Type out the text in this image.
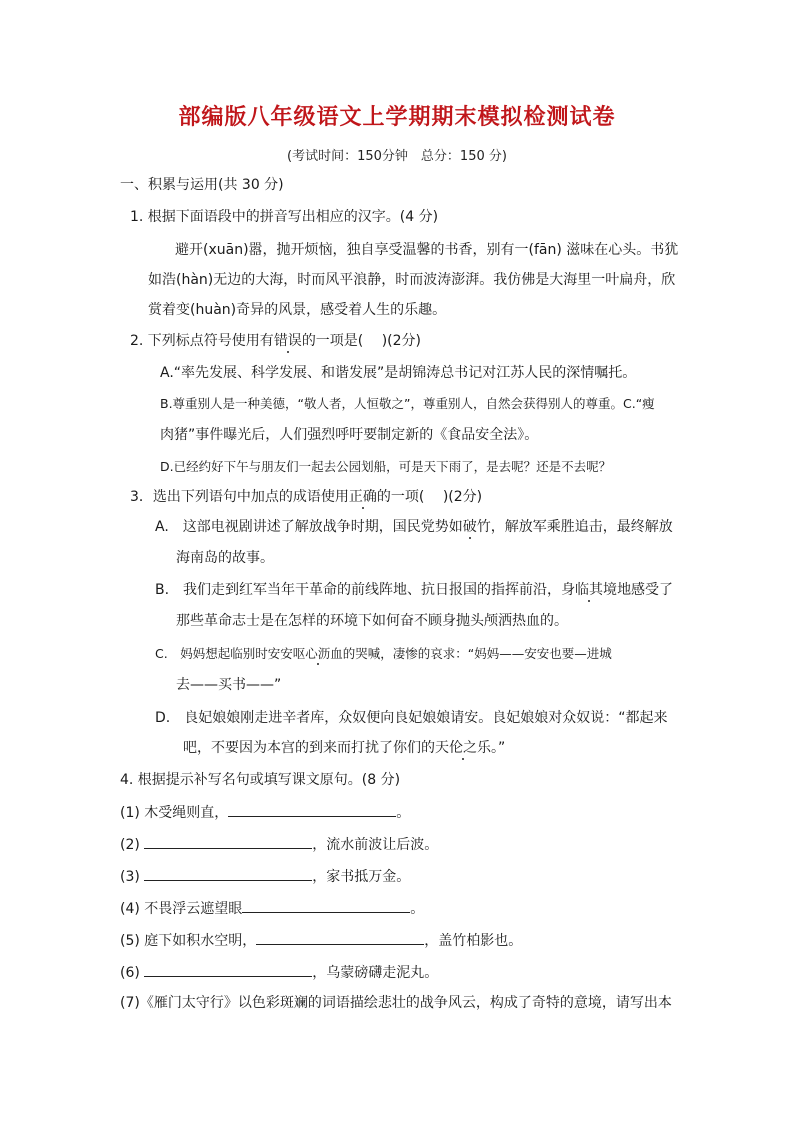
部编版八年级语文上学期期末模拟检测试卷
(考试时间：150分钟　总分：150 分)
一、积累与运用(共 30 分)
1. 根据下面语段中的拼音写出相应的汉字。(4 分)
避开(xuān)嚣，抛开烦恼，独自享受温馨的书香，别有一(fān) 滋味在心头。书犹
如浩(hàn)无边的大海，时而风平浪静，时而波涛澎湃。我仿佛是大海里一叶扁舟，欣
赏着变(huàn)奇异的风景，感受着人生的乐趣。
2. 下列标点符号使用有错误的一项是(　 )(2分)
A.“率先发展、科学发展、和谐发展”是胡锦涛总书记对江苏人民的深情嘱托。
B.尊重别人是一种美德，“敬人者，人恒敬之”，尊重别人，自然会获得别人的尊重。C.“瘦
肉猪”事件曝光后，人们强烈呼吁要制定新的《食品安全法》。
D.已经约好下午与朋友们一起去公园划船，可是天下雨了，是去呢？还是不去呢？
3．选出下列语句中加点的成语使用正确的一项(　 )(2分)
A.　这部电视剧讲述了解放战争时期，国民党势如破竹，解放军乘胜追击，最终解放
海南岛的故事。
B.　我们走到红军当年干革命的前线阵地、抗日报国的指挥前沿，身临其境地感受了
那些革命志士是在怎样的环境下如何奋不顾身抛头颅洒热血的。
C.　妈妈想起临别时安安呕心沥血的哭喊，凄惨的哀求：“妈妈——安安也要—进城
去——买书——”
D.　良妃娘娘刚走进辛者库，众奴便向良妃娘娘请安。良妃娘娘对众奴说：“都起来
吧，不要因为本宫的到来而打扰了你们的天伦之乐。”
4. 根据提示补写名句或填写课文原句。(8 分)
(1) 木受绳则直，	。
(2)	，流水前波让后波。
(3)	，家书抵万金。
(4) 不畏浮云遮望眼	。
(5) 庭下如积水空明，	，盖竹柏影也。
(6)	，乌蒙磅礴走泥丸。
(7)《雁门太守行》以色彩斑斓的词语描绘悲壮的战争风云，构成了奇特的意境，请写出本
